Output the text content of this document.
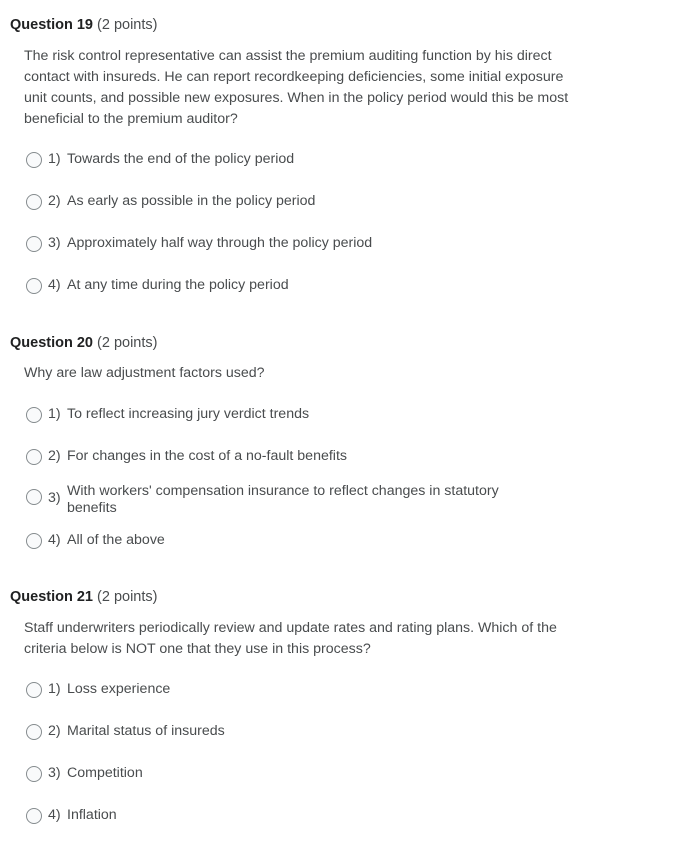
Question 19 (2 points)
The risk control representative can assist the premium auditing function by his direct contact with insureds. He can report recordkeeping deficiencies, some initial exposure unit counts, and possible new exposures. When in the policy period would this be most beneficial to the premium auditor?
1) Towards the end of the policy period
2) As early as possible in the policy period
3) Approximately half way through the policy period
4) At any time during the policy period
Question 20 (2 points)
Why are law adjustment factors used?
1) To reflect increasing jury verdict trends
2) For changes in the cost of a no-fault benefits
3) With workers' compensation insurance to reflect changes in statutory benefits
4) All of the above
Question 21 (2 points)
Staff underwriters periodically review and update rates and rating plans. Which of the criteria below is NOT one that they use in this process?
1) Loss experience
2) Marital status of insureds
3) Competition
4) Inflation
